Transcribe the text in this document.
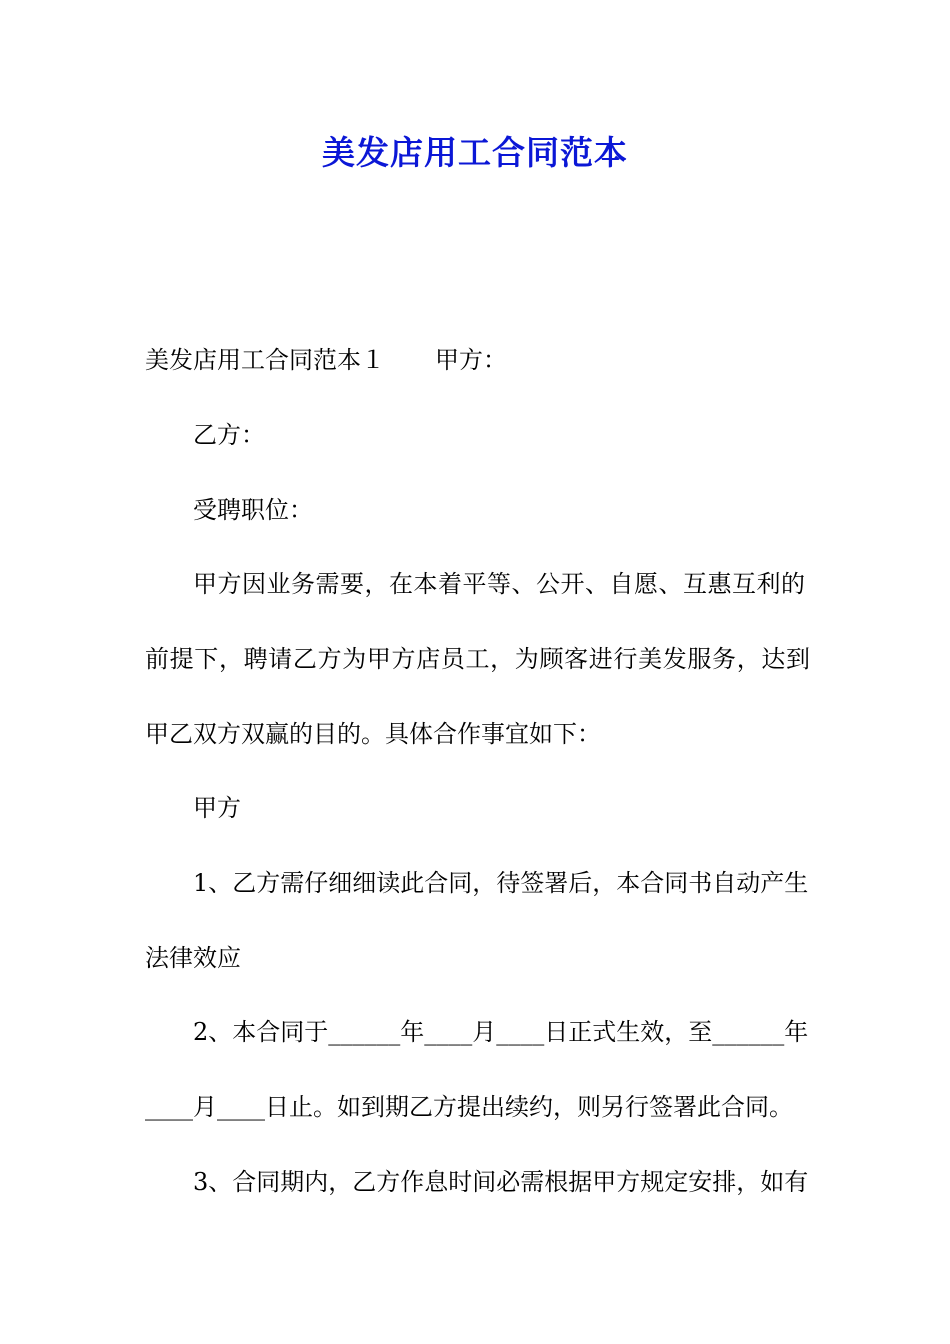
美发店用工合同范本
美发店用工合同范本１ 甲方：
乙方：
受聘职位：
甲方因业务需要，在本着平等、公开、自愿、互惠互利的
前提下，聘请乙方为甲方店员工，为顾客进行美发服务，达到
甲乙双方双赢的目的。具体合作事宜如下：
甲方
1、乙方需仔细细读此合同，待签署后，本合同书自动产生
法律效应
2、本合同于______年____月____日正式生效，至______年
____月____日止。如到期乙方提出续约，则另行签署此合同。
3、合同期内，乙方作息时间必需根据甲方规定安排，如有
